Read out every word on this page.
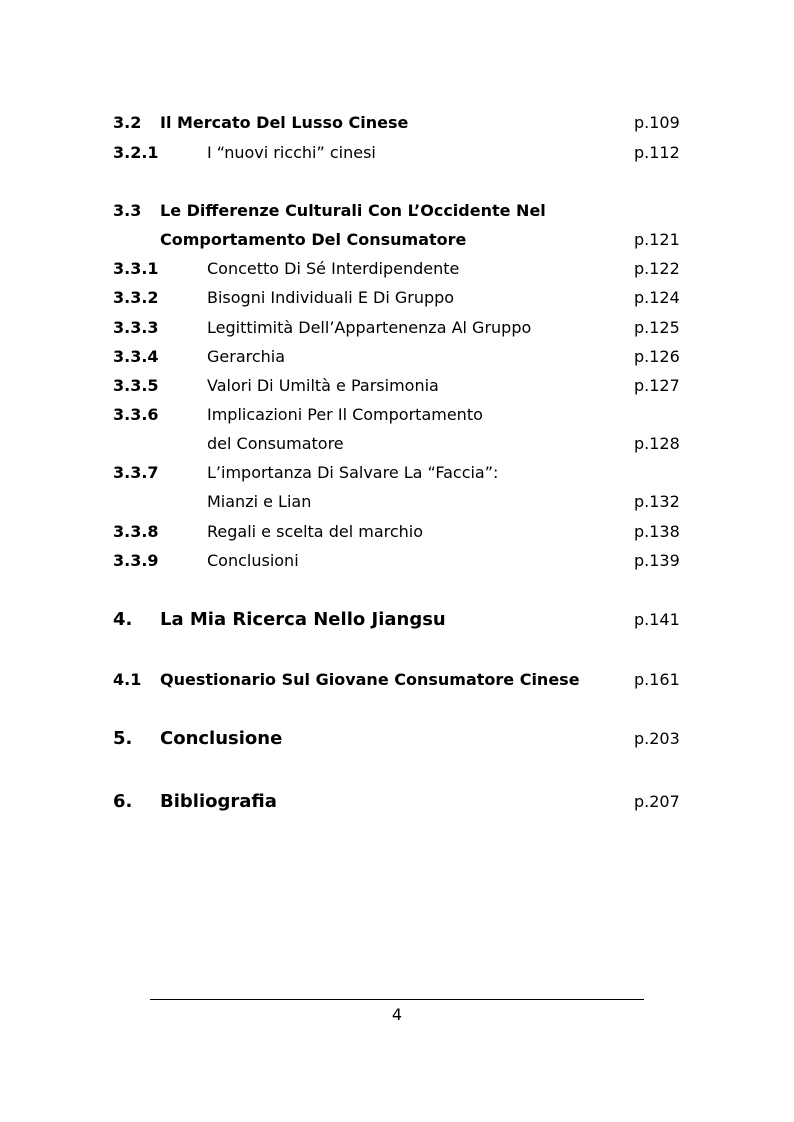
3.2 Il Mercato Del Lusso Cinese	p.109
3.2.1	I “nuovi ricchi” cinesi	p.112
3.3 Le Differenze Culturali Con L’Occidente Nel
Comportamento Del Consumatore	p.121
3.3.1	Concetto Di Sé Interdipendente	p.122
3.3.2	Bisogni Individuali E Di Gruppo	p.124
3.3.3	Legittimità Dell’Appartenenza Al Gruppo	p.125
3.3.4	Gerarchia	p.126
3.3.5	Valori Di Umiltà e Parsimonia	p.127
3.3.6	Implicazioni Per Il Comportamento
del Consumatore	p.128
3.3.7	L’importanza Di Salvare La “Faccia”:
Mianzi e Lian	p.132
3.3.8	Regali e scelta del marchio	p.138
3.3.9	Conclusioni	p.139
4. La Mia Ricerca Nello Jiangsu	p.141
4.1 Questionario Sul Giovane Consumatore Cinese	p.161
5. Conclusione	p.203
6. Bibliografia	p.207
4
